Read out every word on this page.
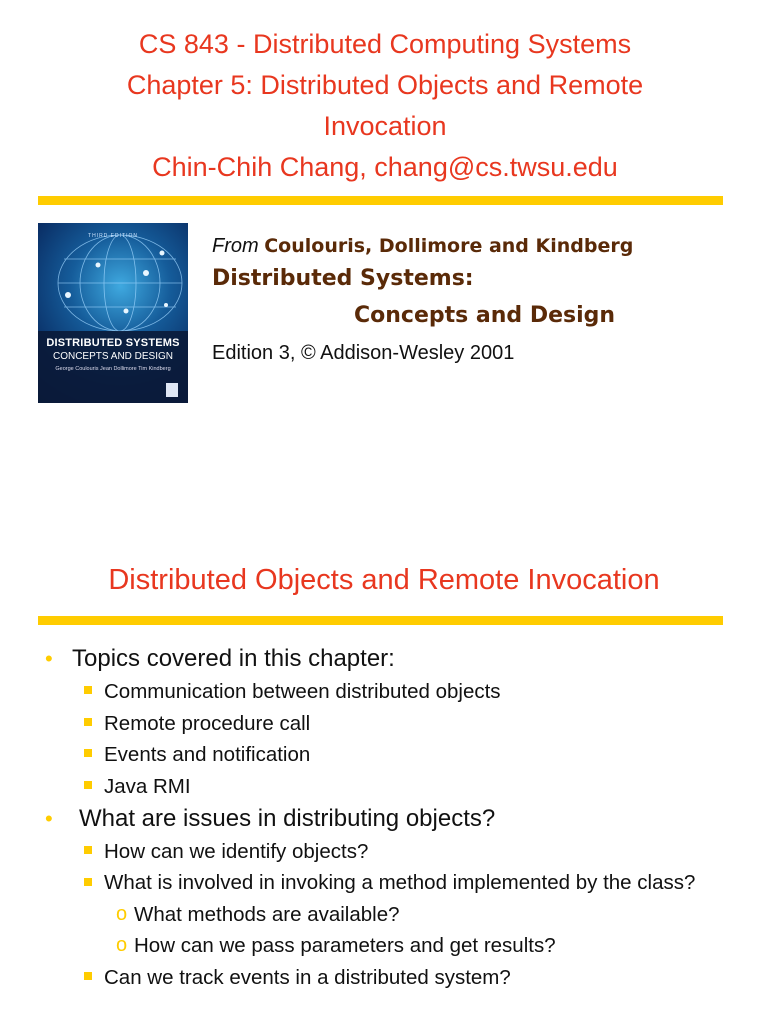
CS 843 - Distributed Computing Systems
Chapter 5: Distributed Objects and Remote
Invocation
Chin-Chih Chang, chang@cs.twsu.edu
THIRD EDITION
DISTRIBUTED SYSTEMS
CONCEPTS AND DESIGN
George Coulouris Jean Dollimore Tim Kindberg
From Coulouris, Dollimore and Kindberg
Distributed Systems:
Concepts and Design
Edition 3, © Addison-Wesley 2001
Distributed Objects and Remote Invocation
• Topics covered in this chapter:
Communication between distributed objects
Remote procedure call
Events and notification
Java RMI
• What are issues in distributing objects?
How can we identify objects?
What is involved in invoking a method implemented by the class?
o What methods are available?
o How can we pass parameters and get results?
Can we track events in a distributed system?
